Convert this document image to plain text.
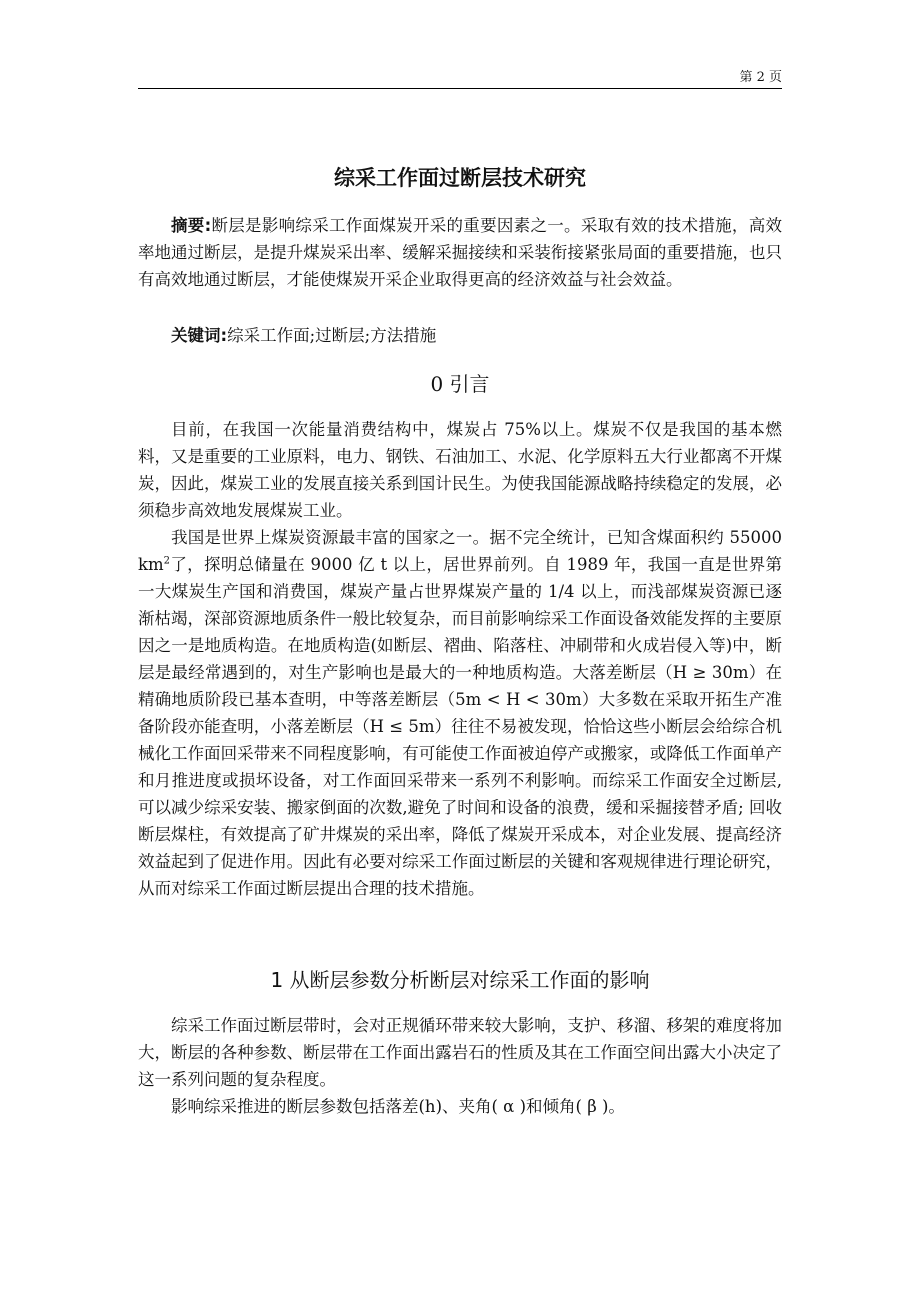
第 2 页
综采工作面过断层技术研究
摘要:断层是影响综采工作面煤炭开采的重要因素之一。采取有效的技术措施，高效率地通过断层，是提升煤炭采出率、缓解采掘接续和采装衔接紧张局面的重要措施，也只有高效地通过断层，才能使煤炭开采企业取得更高的经济效益与社会效益。
关键词:综采工作面;过断层;方法措施
0 引言

目前，在我国一次能量消费结构中，煤炭占 75%以上。煤炭不仅是我国的基本燃料，又是重要的工业原料，电力、钢铁、石油加工、水泥、化学原料五大行业都离不开煤炭，因此，煤炭工业的发展直接关系到国计民生。为使我国能源战略持续稳定的发展，必须稳步高效地发展煤炭工业。

我国是世界上煤炭资源最丰富的国家之一。据不完全统计，已知含煤面积约 55000 $km^2$了，探明总储量在 9000 亿 t 以上，居世界前列。自 1989 年，我国一直是世界第一大煤炭生产国和消费国，煤炭产量占世界煤炭产量的 1/4 以上，而浅部煤炭资源已逐渐枯竭，深部资源地质条件一般比较复杂，而目前影响综采工作面设备效能发挥的主要原因之一是地质构造。在地质构造(如断层、褶曲、陷落柱、冲刷带和火成岩侵入等)中，断层是最经常遇到的，对生产影响也是最大的一种地质构造。大落差断层（H ≥ 30m）在精确地质阶段已基本查明，中等落差断层（5m < H < 30m）大多数在采取开拓生产准备阶段亦能查明，小落差断层（H ≤ 5m）往往不易被发现，恰恰这些小断层会给综合机械化工作面回采带来不同程度影响，有可能使工作面被迫停产或搬家，或降低工作面单产和月推进度或损坏设备，对工作面回采带来一系列不利影响。而综采工作面安全过断层,可以减少综采安装、搬家倒面的次数,避免了时间和设备的浪费，缓和采掘接替矛盾; 回收断层煤柱，有效提高了矿井煤炭的采出率，降低了煤炭开采成本，对企业发展、提高经济效益起到了促进作用。因此有必要对综采工作面过断层的关键和客观规律进行理论研究，从而对综采工作面过断层提出合理的技术措施。

1 从断层参数分析断层对综采工作面的影响

综采工作面过断层带时，会对正规循环带来较大影响，支护、移溜、移架的难度将加大，断层的各种参数、断层带在工作面出露岩石的性质及其在工作面空间出露大小决定了这一系列问题的复杂程度。

影响综采推进的断层参数包括落差(h)、夹角( α )和倾角( β )。
